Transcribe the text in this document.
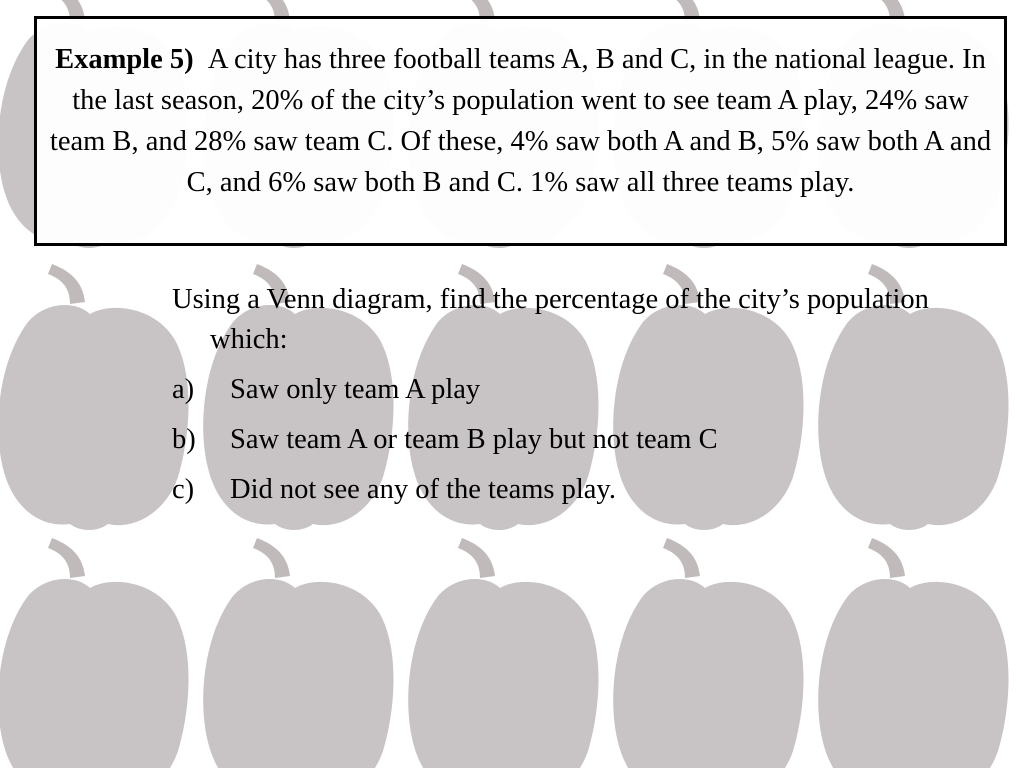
Example 5) A city has three football teams A, B and C, in the national league. In the last season, 20% of the city’s population went to see team A play, 24% saw team B, and 28% saw team C. Of these, 4% saw both A and B, 5% saw both A and C, and 6% saw both B and C. 1% saw all three teams play.
Using a Venn diagram, find the percentage of the city’s population which:
a)	Saw only team A play
b)	Saw team A or team B play but not team C
c)	Did not see any of the teams play.
